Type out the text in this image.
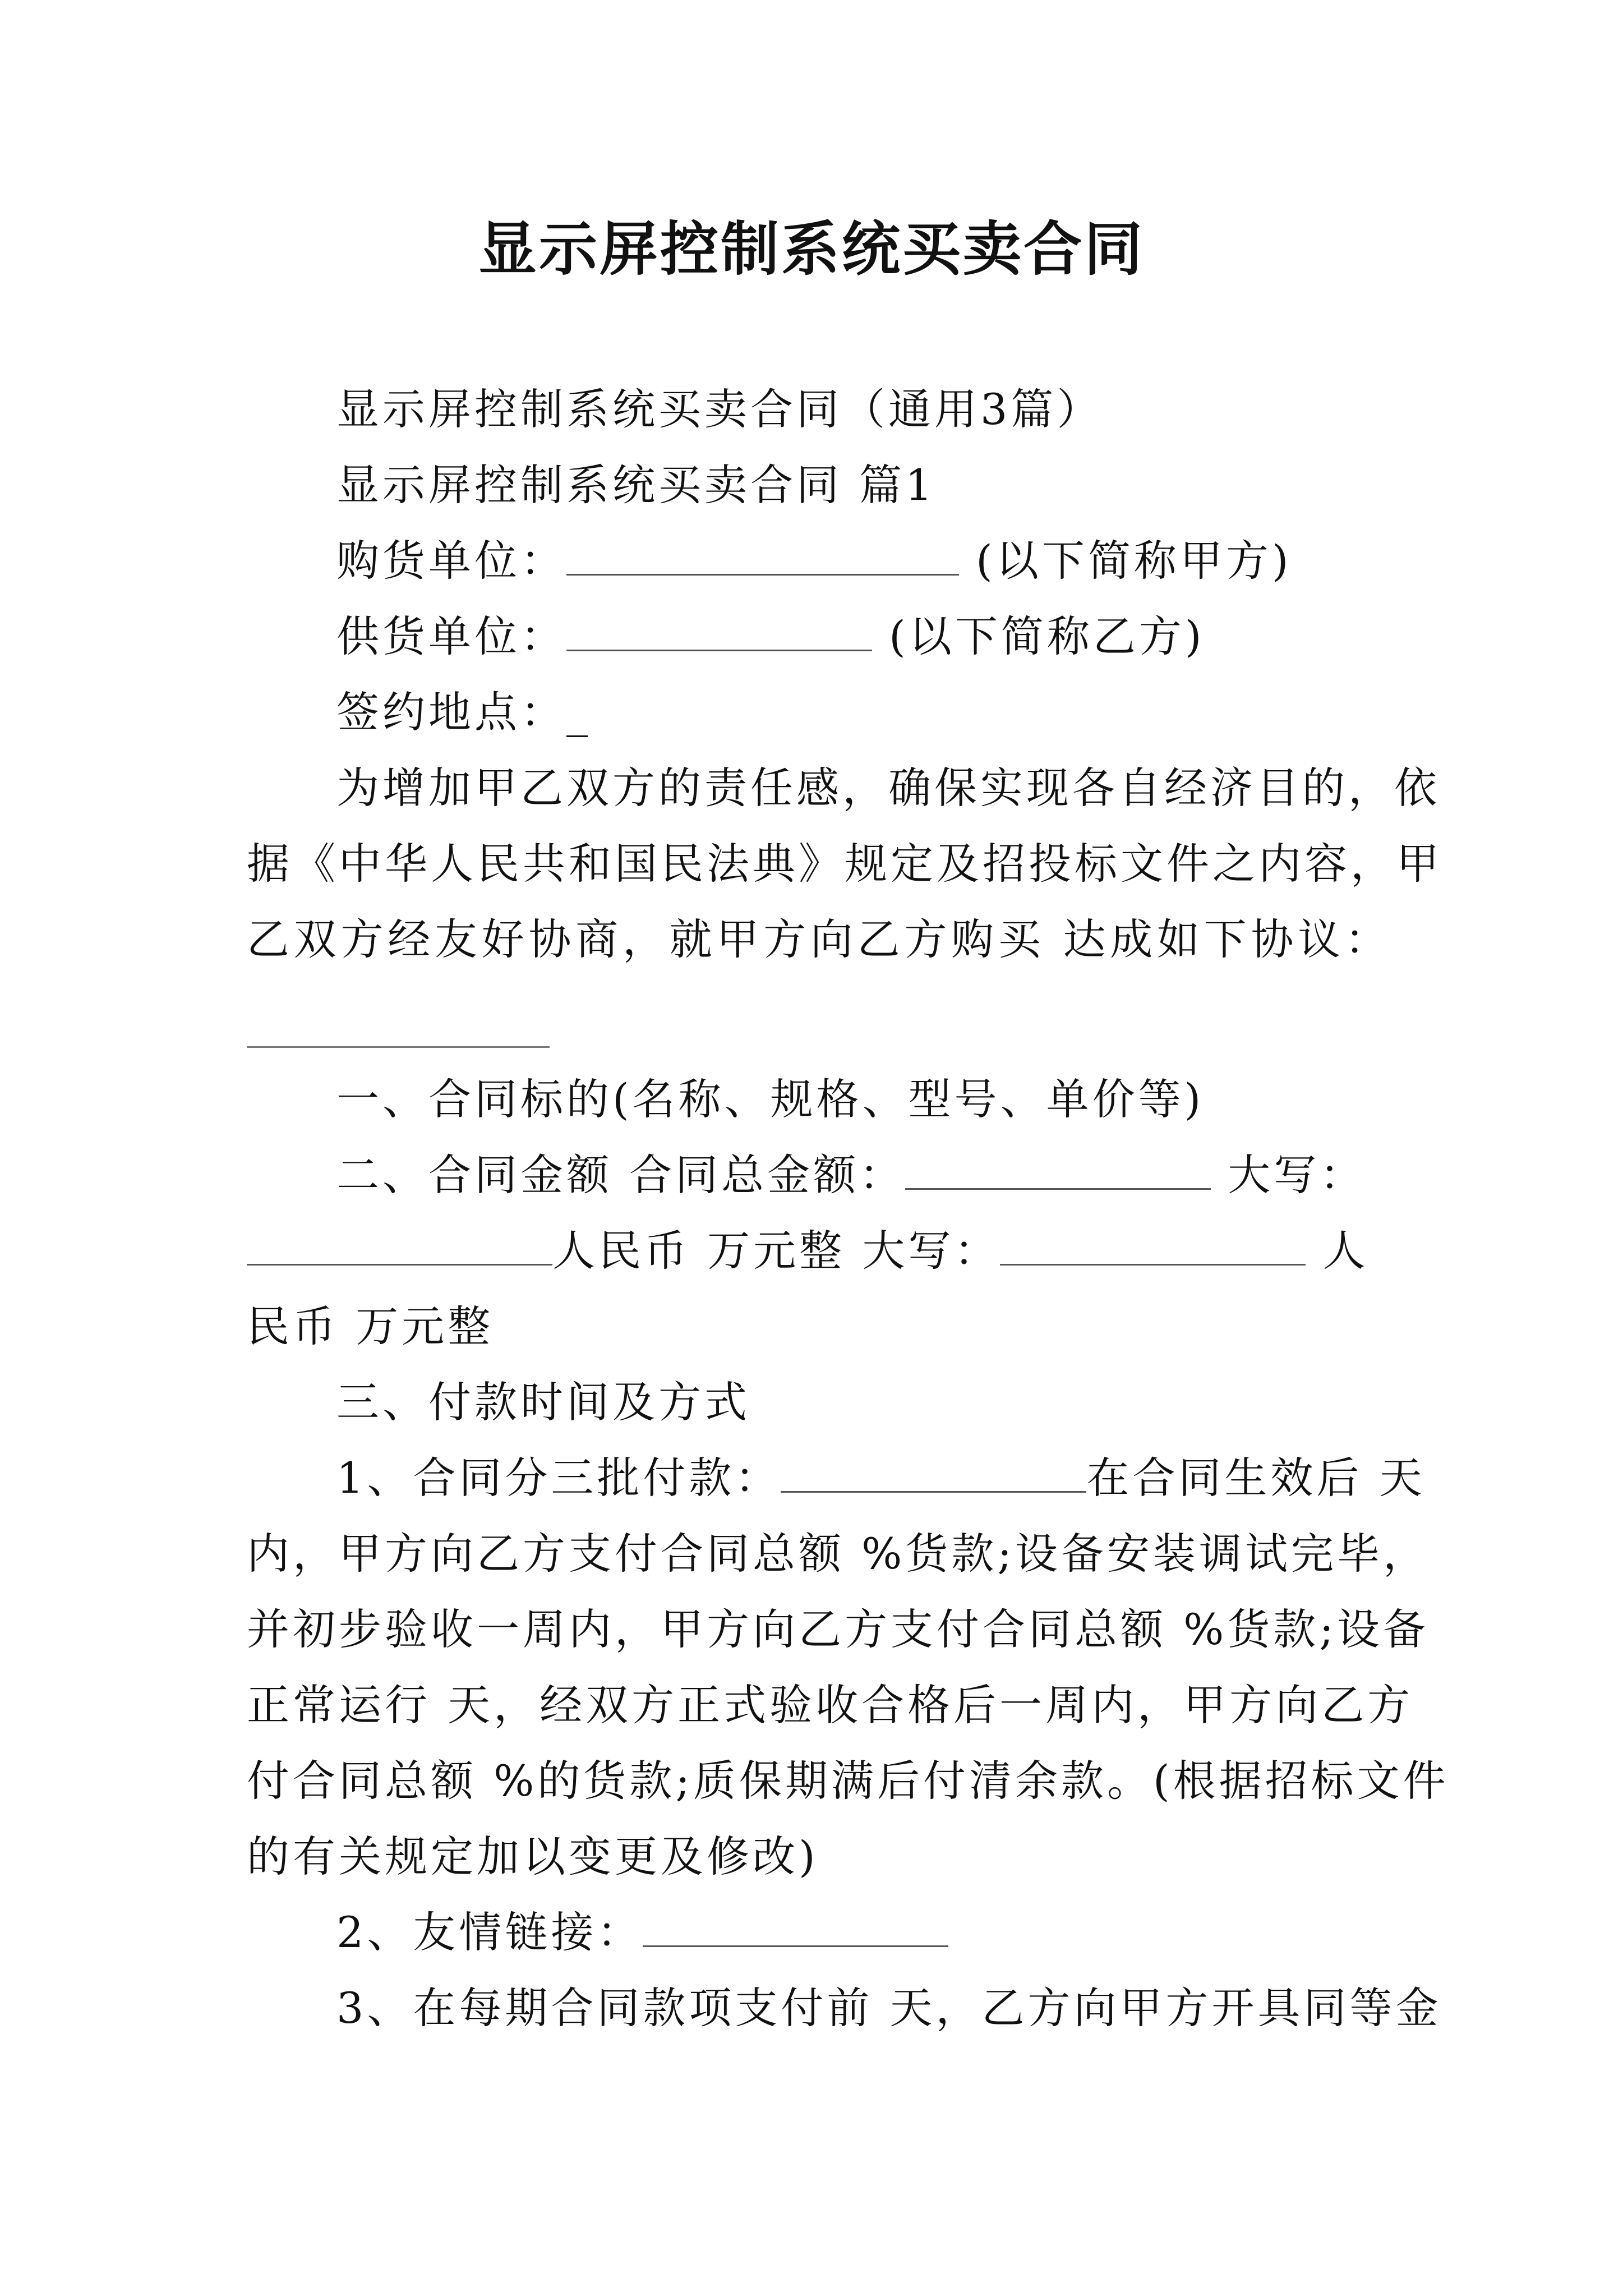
显示屏控制系统买卖合同
显示屏控制系统买卖合同（通用3篇）
显示屏控制系统买卖合同 篇1
购货单位：	(以下简称甲方)
供货单位：	(以下简称乙方)
签约地点：_
为增加甲乙双方的责任感，确保实现各自经济目的，依
据《中华人民共和国民法典》规定及招投标文件之内容，甲
乙双方经友好协商，就甲方向乙方购买 达成如下协议：
一、合同标的(名称、规格、型号、单价等)
二、合同金额 合同总金额：	大写：
人民币 万元整 大写：	人
民币 万元整
三、付款时间及方式
1、合同分三批付款：	在合同生效后 天
内，甲方向乙方支付合同总额 %货款;设备安装调试完毕，
并初步验收一周内，甲方向乙方支付合同总额 %货款;设备
正常运行 天，经双方正式验收合格后一周内，甲方向乙方
付合同总额 %的货款;质保期满后付清余款。(根据招标文件
的有关规定加以变更及修改)
2、友情链接：
3、在每期合同款项支付前 天，乙方向甲方开具同等金
